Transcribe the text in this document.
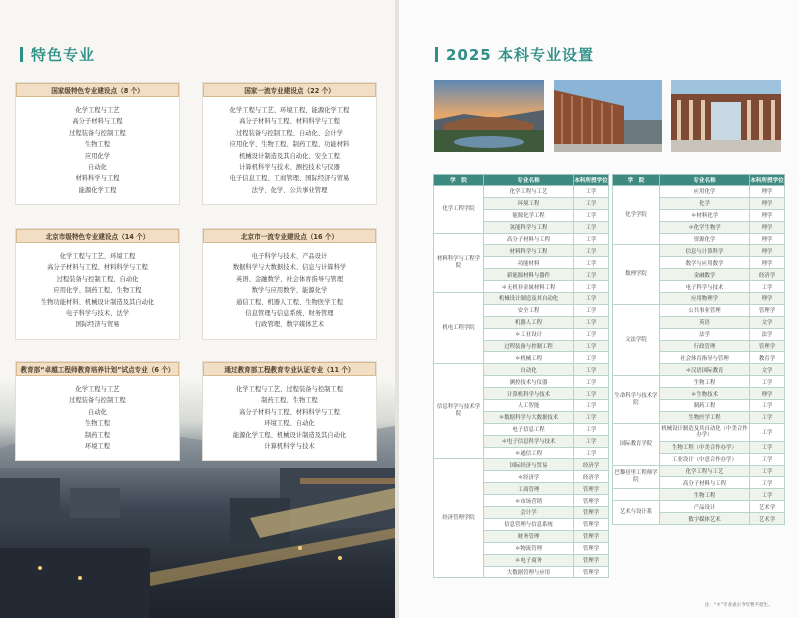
特色专业
国家级特色专业建设点（8 个）
化学工程与工艺
高分子材料与工程
过程装备与控制工程
生物工程
应用化学
自动化
材料科学与工程
能源化学工程
国家一流专业建设点（22 个）
化学工程与工艺、环境工程、能源化学工程
高分子材料与工程、材料科学与工程
过程装备与控制工程、自动化、会计学
应用化学、生物工程、制药工程、功能材料
机械设计制造及其自动化、安全工程
计算机科学与技术、测控技术与仪器
电子信息工程、工商管理、国际经济与贸易
法学、化学、公共事业管理
北京市级特色专业建设点（14 个）
化学工程与工艺、环境工程
高分子材料与工程、材料科学与工程
过程装备与控制工程、自动化
应用化学、制药工程、生物工程
生物功能材料、机械设计制造及其自动化
电子科学与技术、法学
国际经济与贸易
北京市一流专业建设点（16 个）
电子科学与技术、产品设计
数据科学与大数据技术、信息与计算科学
英语、金融数学、社会体育指导与管理
数学与应用数学、能源化学
通信工程、机器人工程、生物医学工程
信息管理与信息系统、财务管理
行政管理、数字媒体艺术
教育部“卓越工程师教育培养计划”试点专业（6 个）
化学工程与工艺
过程装备与控制工程
自动化
生物工程
制药工程
环境工程
通过教育部工程教育专业认证专业（11 个）
化学工程与工艺、过程装备与控制工程
制药工程、生物工程
高分子材料与工程、材料科学与工程
环境工程、自动化
能源化学工程、机械设计制造及其自动化
计算机科学与技术
2025 本科专业设置
学　院	专业名称	本科所授学位
化学工程学院	化学工程与工艺	工学
	环境工程	工学
	能源化学工程	工学
	氢能科学与工程	工学
材料科学与工程学院	高分子材料与工程	工学
	材料科学与工程	工学
	功能材料	工学
	新能源材料与器件	工学
	＊无机非金属材料工程	工学
机电工程学院	机械设计制造及其自动化	工学
	安全工程	工学
	机器人工程	工学
	＊工业设计	工学
	过程装备与控制工程	工学
	＊机械工程	工学
信息科学与技术学院	自动化	工学
	测控技术与仪器	工学
	计算机科学与技术	工学
	人工智能	工学
	＊数据科学与大数据技术	工学
	电子信息工程	工学
	＊电子信息科学与技术	工学
	＊通信工程	工学
经济管理学院	国际经济与贸易	经济学
	＊经济学	经济学
	工商管理	管理学
	＊市场营销	管理学
	会计学	管理学
	信息管理与信息系统	管理学
	财务管理	管理学
	＊物流管理	管理学
	＊电子商务	管理学
	大数据管理与应用	管理学
学　院	专业名称	本科所授学位
化学学院	应用化学	理学
	化学	理学
	＊材料化学	理学
	＊化学生物学	理学
	资源化学	理学
数理学院	信息与计算科学	理学
	数学与应用数学	理学
	金融数学	经济学
	电子科学与技术	工学
	应用物理学	理学
文法学院	公共事业管理	管理学
	英语	文学
	法学	法学
	行政管理	管理学
	社会体育指导与管理	教育学
	＊汉语国际教育	文学
生命科学与技术学院	生物工程	工学
	＊生物技术	理学
	制药工程	工学
	生物医学工程	工学
国际教育学院	机械设计制造及其自动化（中美合作办学）	工学
	生物工程（中美合作办学）	工学
	工业设计（中意合作办学）	工学
巴黎居里工程师学院	化学工程与工艺	工学
	高分子材料与工程	工学
	生物工程	工学
艺术与设计系	产品设计	艺术学
	数字媒体艺术	艺术学
注：“＊”专业表示今年暂不招生。
